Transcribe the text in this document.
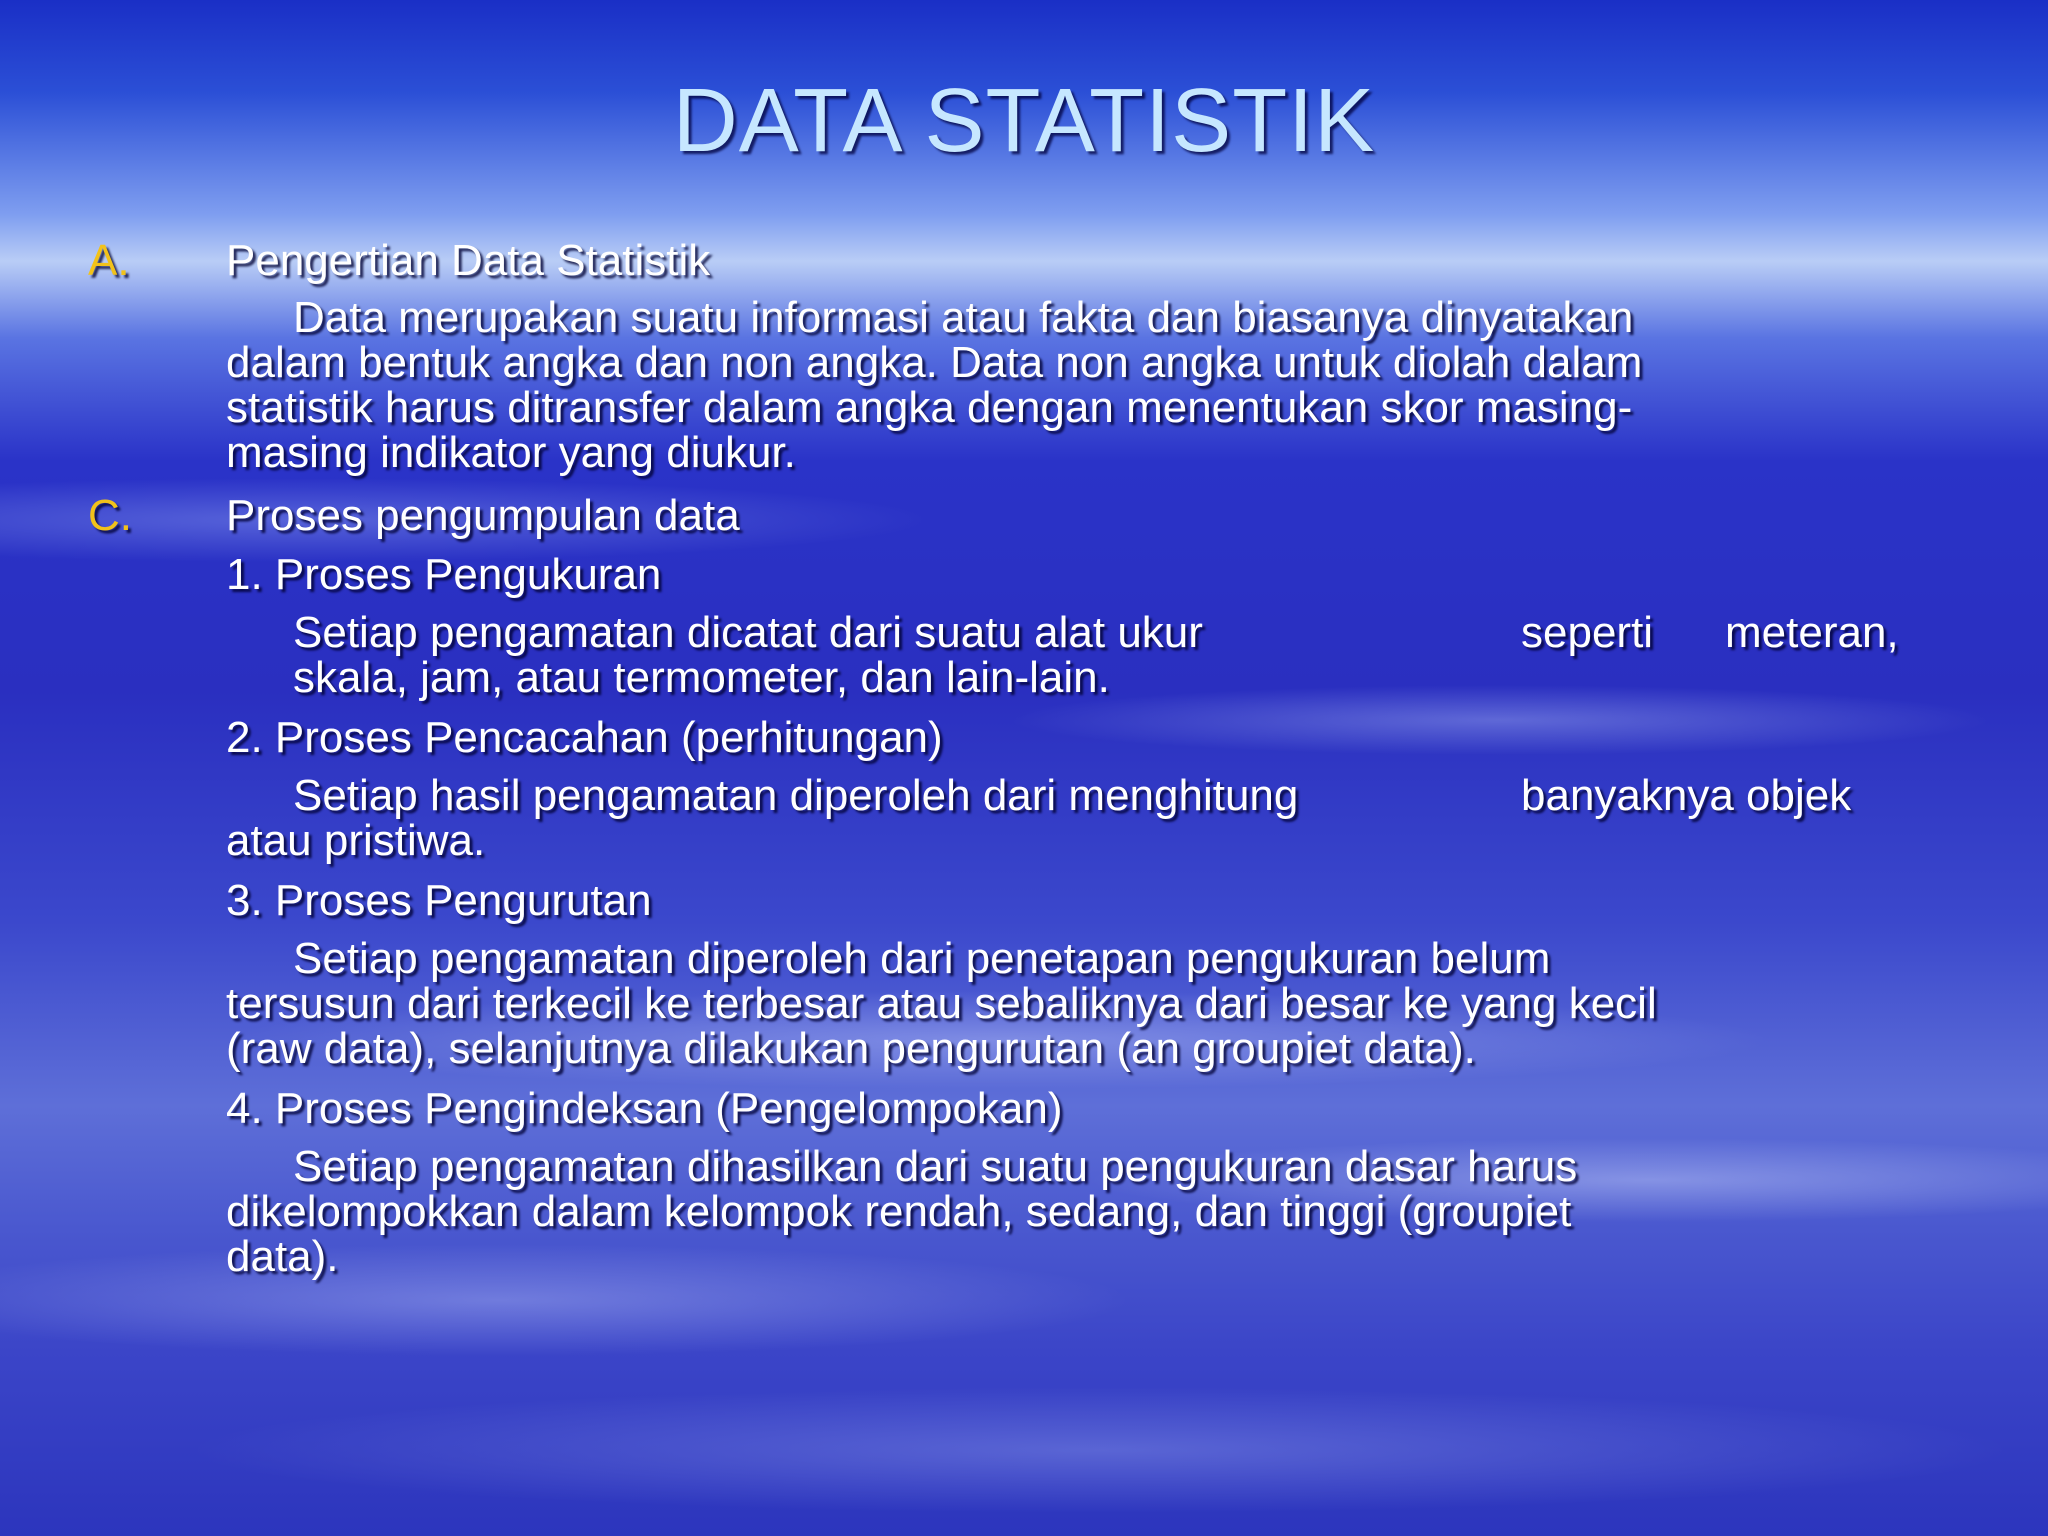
DATA STATISTIK
A. Pengertian Data Statistik
Data merupakan suatu informasi atau fakta dan biasanya dinyatakan
dalam bentuk angka dan non angka. Data non angka untuk diolah dalam
statistik harus ditransfer dalam angka dengan menentukan skor masing-
masing indikator yang diukur.
C. Proses pengumpulan data
1. Proses Pengukuran
Setiap pengamatan dicatat dari suatu alat ukur	seperti meteran,
skala, jam, atau termometer, dan lain-lain.
2. Proses Pencacahan (perhitungan)
Setiap hasil pengamatan diperoleh dari menghitung	banyaknya objek
atau pristiwa.
3. Proses Pengurutan
Setiap pengamatan diperoleh dari penetapan pengukuran belum
tersusun dari terkecil ke terbesar atau sebaliknya dari besar ke yang kecil
(raw data), selanjutnya dilakukan pengurutan (an groupiet data).
4. Proses Pengindeksan (Pengelompokan)
Setiap pengamatan dihasilkan dari suatu pengukuran dasar harus
dikelompokkan dalam kelompok rendah, sedang, dan tinggi (groupiet
data).
